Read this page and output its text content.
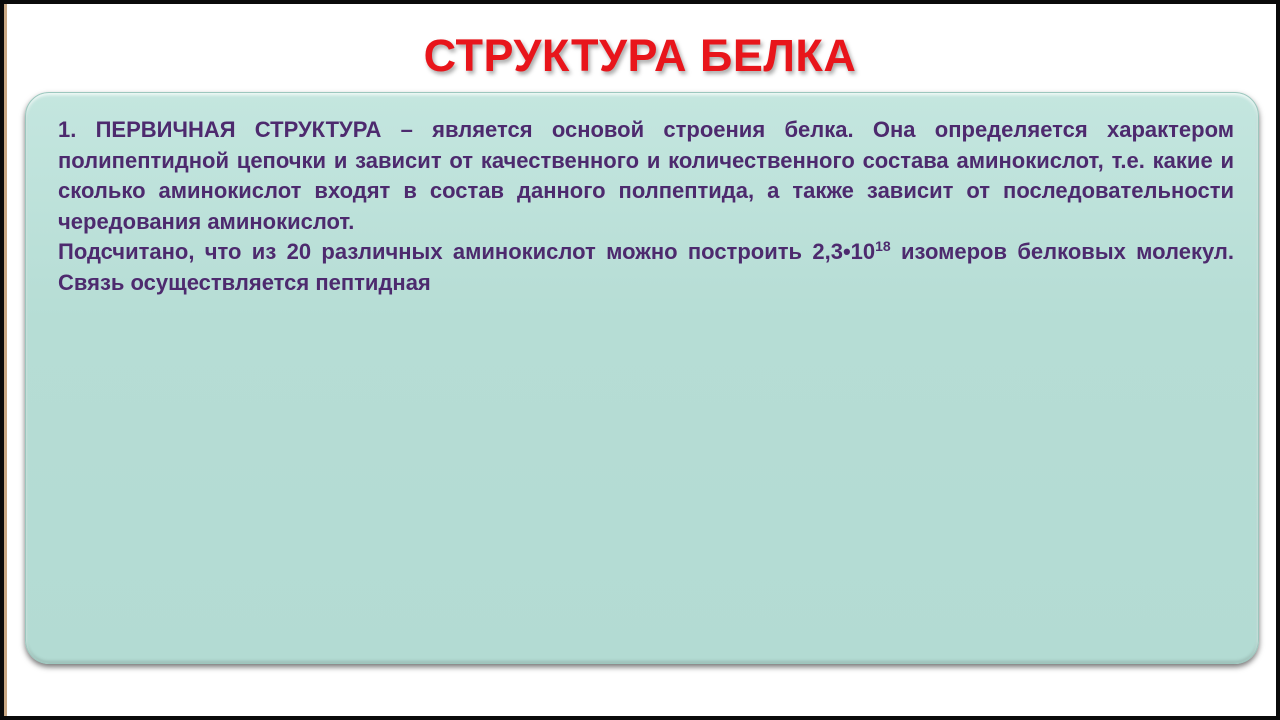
СТРУКТУРА БЕЛКА

1. ПЕРВИЧНАЯ СТРУКТУРА – является основой строения белка. Она определяется характером полипептидной цепочки и зависит от качественного и количественного состава аминокислот, т.е. какие и сколько аминокислот входят в состав данного полпептида, а также зависит от последовательности чередования аминокислот.

Подсчитано, что из 20 различных аминокислот можно построить $2,3•10^{18}$ изомеров белковых молекул. Связь осуществляется пептидная
